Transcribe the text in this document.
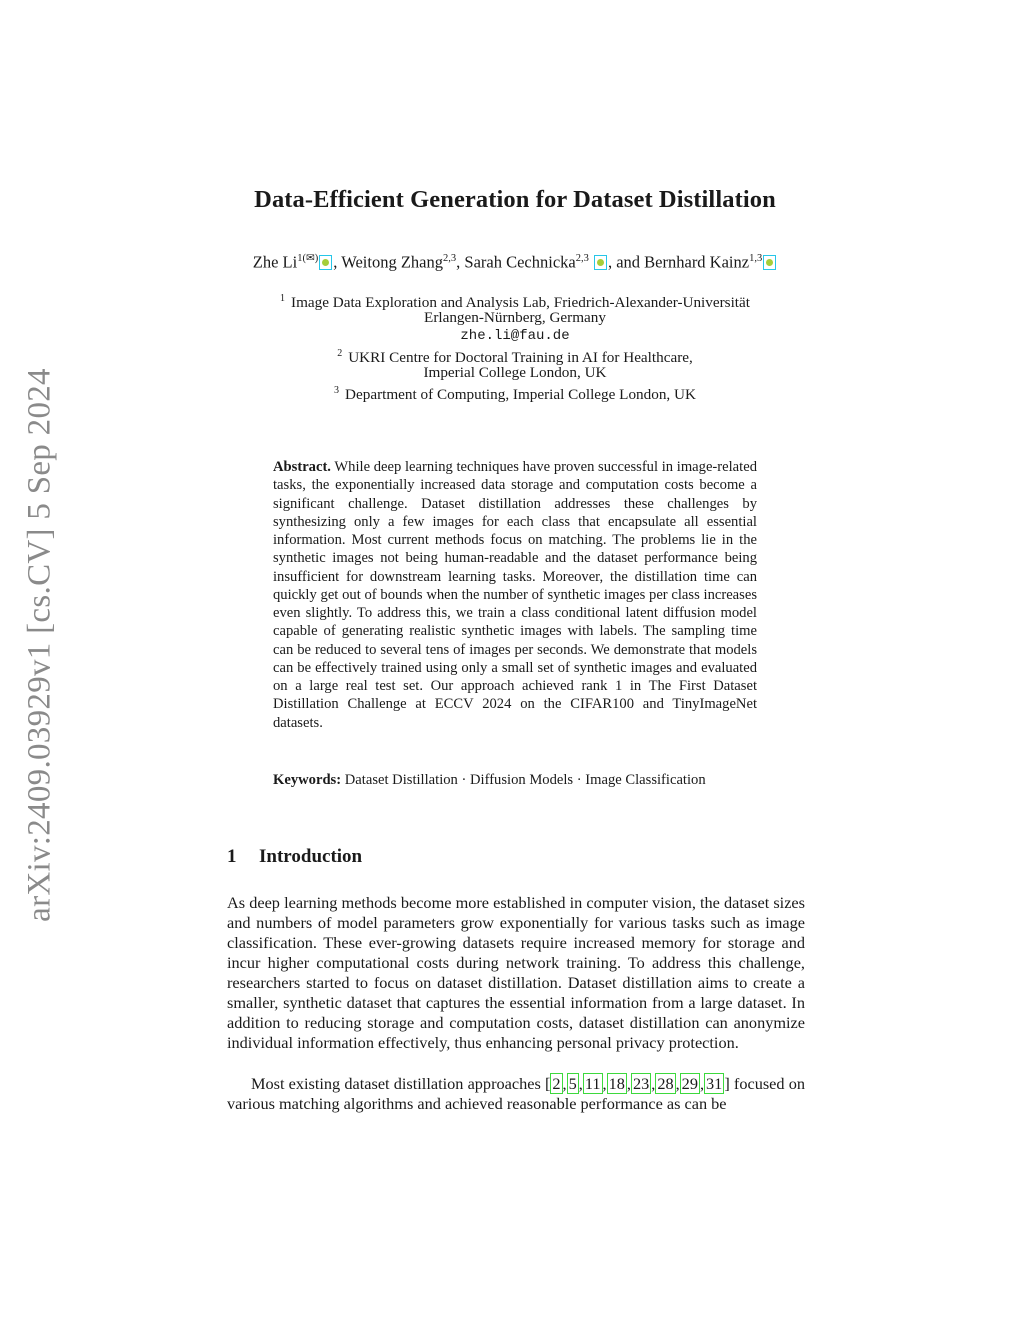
arXiv:2409.03929v1 [cs.CV] 5 Sep 2024
Data-Efficient Generation for Dataset Distillation
Zhe $Li^{1(✉)}$ , Weitong Zhang$^{2,3}$, Sarah Cechnicka$^{2,3}$ , and Bernhard Kainz$^{1,3}$
$^1$ Image Data Exploration and Analysis Lab, Friedrich-Alexander-Universität
Erlangen-Nürnberg, Germany
zhe.li@fau.de
$^2$ UKRI Centre for Doctoral Training in AI for Healthcare,
Imperial College London, UK
$^3$ Department of Computing, Imperial College London, UK
Abstract. While deep learning techniques have proven successful in image-related tasks, the exponentially increased data storage and computation costs become a significant challenge. Dataset distillation addresses these challenges by synthesizing only a few images for each class that encapsulate all essential information. Most current methods focus on matching. The problems lie in the synthetic images not being human-readable and the dataset performance being insufficient for downstream learning tasks. Moreover, the distillation time can quickly get out of bounds when the number of synthetic images per class increases even slightly. To address this, we train a class conditional latent diffusion model capable of generating realistic synthetic images with labels. The sampling time can be reduced to several tens of images per seconds. We demonstrate that models can be effectively trained using only a small set of synthetic images and evaluated on a large real test set. Our approach achieved rank 1 in The First Dataset Distillation Challenge at ECCV 2024 on the CIFAR100 and TinyImageNet datasets.
Keywords: Dataset Distillation · Diffusion Models · Image Classification
1 Introduction
As deep learning methods become more established in computer vision, the dataset sizes and numbers of model parameters grow exponentially for various tasks such as image classification. These ever-growing datasets require increased memory for storage and incur higher computational costs during network training. To address this challenge, researchers started to focus on dataset distillation. Dataset distillation aims to create a smaller, synthetic dataset that captures the essential information from a large dataset. In addition to reducing storage and computation costs, dataset distillation can anonymize individual information effectively, thus enhancing personal privacy protection.
Most existing dataset distillation approaches [ 2 , 5 , 11 , 18 , 23 , 28 , 29 , 31 ] focused on various matching algorithms and achieved reasonable performance as can be
